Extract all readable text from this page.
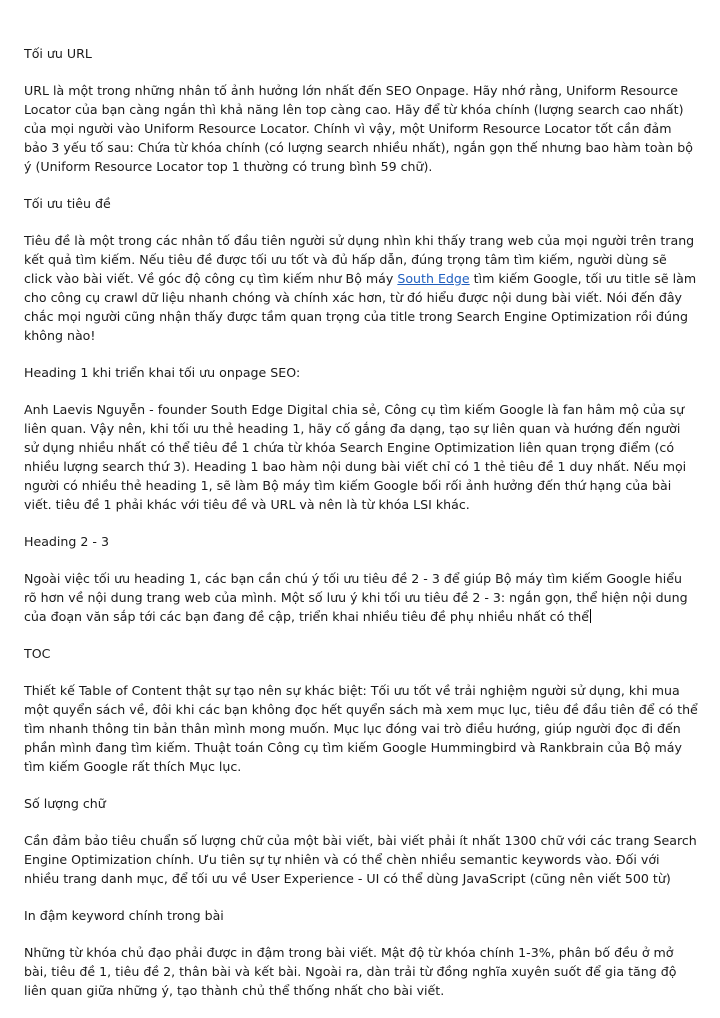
Tối ưu URL

URL là một trong những nhân tố ảnh hưởng lớn nhất đến SEO Onpage. Hãy nhớ rằng, Uniform Resource Locator của bạn càng ngắn thì khả năng lên top càng cao. Hãy để từ khóa chính (lượng search cao nhất) của mọi người vào Uniform Resource Locator. Chính vì vậy, một Uniform Resource Locator tốt cần đảm bảo 3 yếu tố sau: Chứa từ khóa chính (có lượng search nhiều nhất), ngắn gọn thế nhưng bao hàm toàn bộ ý (Uniform Resource Locator top 1 thường có trung bình 59 chữ).

Tối ưu tiêu đề

Tiêu đề là một trong các nhân tố đầu tiên người sử dụng nhìn khi thấy trang web của mọi người trên trang kết quả tìm kiếm. Nếu tiêu đề được tối ưu tốt và đủ hấp dẫn, đúng trọng tâm tìm kiếm, người dùng sẽ click vào bài viết. Về góc độ công cụ tìm kiếm như Bộ máy South Edge tìm kiếm Google, tối ưu title sẽ làm cho công cụ crawl dữ liệu nhanh chóng và chính xác hơn, từ đó hiểu được nội dung bài viết. Nói đến đây chắc mọi người cũng nhận thấy được tầm quan trọng của title trong Search Engine Optimization rồi đúng không nào!

Heading 1 khi triển khai tối ưu onpage SEO:

Anh Laevis Nguyễn - founder South Edge Digital chia sẻ, Công cụ tìm kiếm Google là fan hâm mộ của sự liên quan. Vậy nên, khi tối ưu thẻ heading 1, hãy cố gắng đa dạng, tạo sự liên quan và hướng đến người sử dụng nhiều nhất có thể tiêu đề 1 chứa từ khóa Search Engine Optimization liên quan trọng điểm (có nhiều lượng search thứ 3). Heading 1 bao hàm nội dung bài viết chỉ có 1 thẻ tiêu đề 1 duy nhất. Nếu mọi người có nhiều thẻ heading 1, sẽ làm Bộ máy tìm kiếm Google bối rối ảnh hưởng đến thứ hạng của bài viết. tiêu đề 1 phải khác với tiêu đề và URL và nên là từ khóa LSI khác.

Heading 2 - 3

Ngoài việc tối ưu heading 1, các bạn cần chú ý tối ưu tiêu đề 2 - 3 để giúp Bộ máy tìm kiếm Google hiểu rõ hơn về nội dung trang web của mình. Một số lưu ý khi tối ưu tiêu đề 2 - 3: ngắn gọn, thể hiện nội dung của đoạn văn sắp tới các bạn đang đề cập, triển khai nhiều tiêu đề phụ nhiều nhất có thể

TOC

Thiết kế Table of Content thật sự tạo nên sự khác biệt: Tối ưu tốt về trải nghiệm người sử dụng, khi mua một quyển sách về, đôi khi các bạn không đọc hết quyển sách mà xem mục lục, tiêu đề đầu tiên để có thể tìm nhanh thông tin bản thân mình mong muốn. Mục lục đóng vai trò điều hướng, giúp người đọc đi đến phần mình đang tìm kiếm. Thuật toán Công cụ tìm kiếm Google Hummingbird và Rankbrain của Bộ máy tìm kiếm Google rất thích Mục lục.

Số lượng chữ

Cần đảm bảo tiêu chuẩn số lượng chữ của một bài viết, bài viết phải ít nhất 1300 chữ với các trang Search Engine Optimization chính. Ưu tiên sự tự nhiên và có thể chèn nhiều semantic keywords vào. Đối với nhiều trang danh mục, để tối ưu về User Experience - UI có thể dùng JavaScript (cũng nên viết 500 từ)

In đậm keyword chính trong bài

Những từ khóa chủ đạo phải được in đậm trong bài viết. Mật độ từ khóa chính 1-3%, phân bố đều ở mở bài, tiêu đề 1, tiêu đề 2, thân bài và kết bài. Ngoài ra, dàn trải từ đồng nghĩa xuyên suốt để gia tăng độ liên quan giữa những ý, tạo thành chủ thể thống nhất cho bài viết.
